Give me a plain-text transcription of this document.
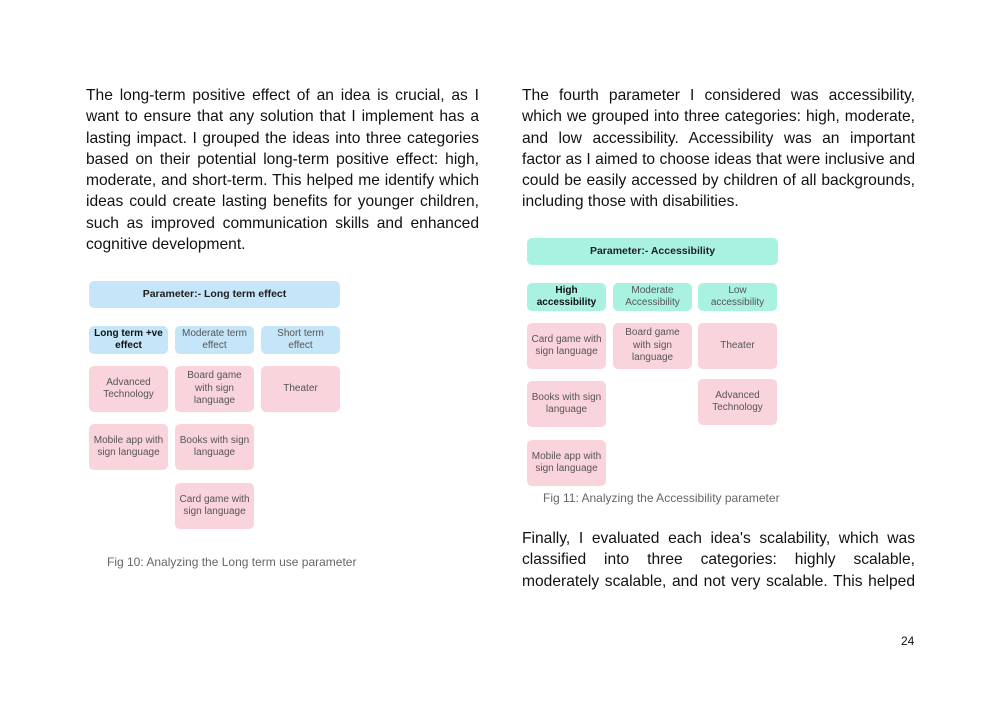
The long-term positive effect of an idea is crucial, as I want to ensure that any solution that I implement has a lasting impact. I grouped the ideas into three categories based on their potential long-term positive effect: high, moderate, and short-term. This helped me identify which ideas could create lasting benefits for younger children, such as improved communication skills and enhanced cognitive development.

Parameter:- Long term effect
Long term +ve effect
Moderate term effect
Short term effect
Advanced Technology
Mobile app with sign language
Board game with sign language
Books with sign language
Card game with sign language
Theater
Fig 10: Analyzing the Long term use parameter

The fourth parameter I considered was accessibility, which we grouped into three categories: high, moderate, and low accessibility. Accessibility was an important factor as I aimed to choose ideas that were inclusive and could be easily accessed by children of all backgrounds, including those with disabilities.

Parameter:- Accessibility
High accessibility
Moderate Accessibility
Low accessibility
Card game with sign language
Books with sign language
Mobile app with sign language
Board game with sign language
Theater
Advanced Technology
Fig 11: Analyzing the Accessibility parameter

Finally, I evaluated each idea's scalability, which was classified into three categories: highly scalable, moderately scalable, and not very scalable. This helped

24
